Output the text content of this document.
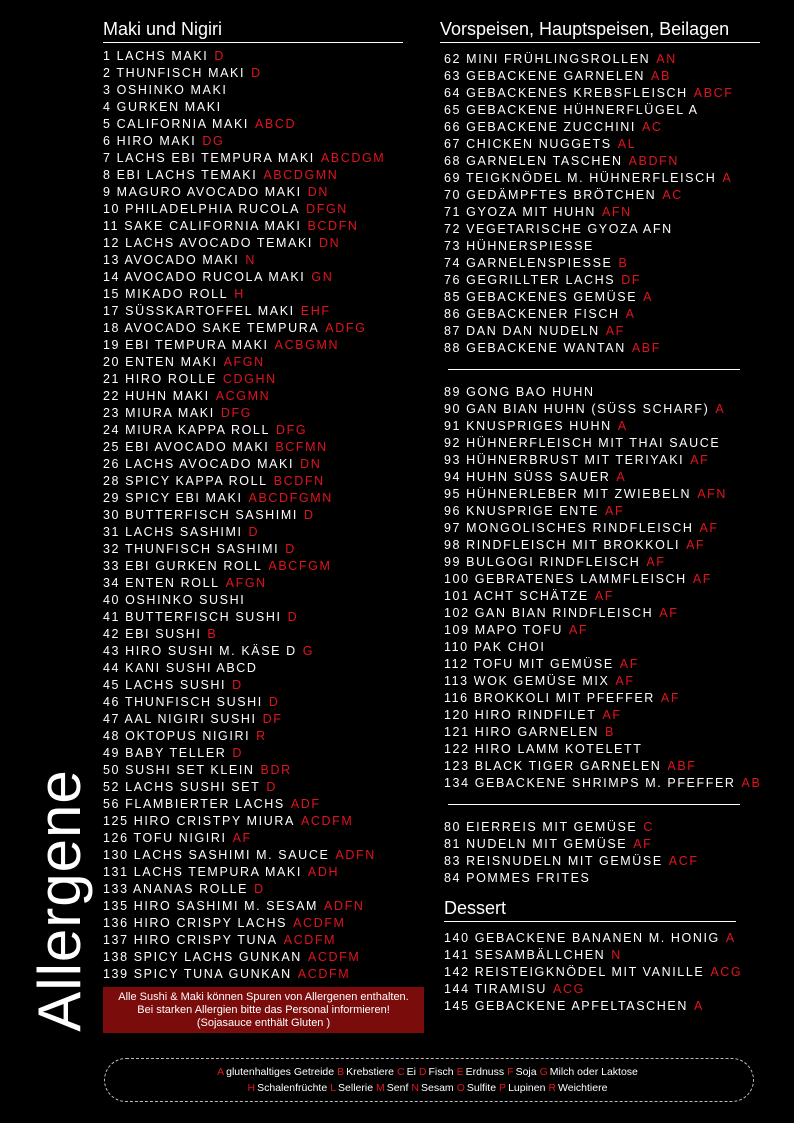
Allergene
Maki und Nigiri
1 LACHS MAKI D
2 THUNFISCH MAKI D
3 OSHINKO MAKI
4 GURKEN MAKI
5 CALIFORNIA MAKI ABCD
6 HIRO MAKI DG
7 LACHS EBI TEMPURA MAKI ABCDGM
8 EBI LACHS TEMAKI ABCDGMN
9 MAGURO AVOCADO MAKI DN
10 PHILADELPHIA RUCOLA DFGN
11 SAKE CALIFORNIA MAKI BCDFN
12 LACHS AVOCADO TEMAKI DN
13 AVOCADO MAKI N
14 AVOCADO RUCOLA MAKI GN
15 MIKADO ROLL H
17 SÜSSKARTOFFEL MAKI EHF
18 AVOCADO SAKE TEMPURA ADFG
19 EBI TEMPURA MAKI ACBGMN
20 ENTEN MAKI AFGN
21 HIRO ROLLE CDGHN
22 HUHN MAKI ACGMN
23 MIURA MAKI DFG
24 MIURA KAPPA ROLL DFG
25 EBI AVOCADO MAKI BCFMN
26 LACHS AVOCADO MAKI DN
28 SPICY KAPPA ROLL BCDFN
29 SPICY EBI MAKI ABCDFGMN
30 BUTTERFISCH SASHIMI D
31 LACHS SASHIMI D
32 THUNFISCH SASHIMI D
33 EBI GURKEN ROLL ABCFGM
34 ENTEN ROLL AFGN
40 OSHINKO SUSHI
41 BUTTERFISCH SUSHI D
42 EBI SUSHI B
43 HIRO SUSHI M. KÄSE D G
44 KANI SUSHI ABCD
45 LACHS SUSHI D
46 THUNFISCH SUSHI D
47 AAL NIGIRI SUSHI DF
48 OKTOPUS NIGIRI R
49 BABY TELLER D
50 SUSHI SET KLEIN BDR
52 LACHS SUSHI SET D
56 FLAMBIERTER LACHS ADF
125 HIRO CRISTPY MIURA ACDFM
126 TOFU NIGIRI AF
130 LACHS SASHIMI M. SAUCE ADFN
131 LACHS TEMPURA MAKI ADH
133 ANANAS ROLLE D
135 HIRO SASHIMI M. SESAM ADFN
136 HIRO CRISPY LACHS ACDFM
137 HIRO CRISPY TUNA ACDFM
138 SPICY LACHS GUNKAN ACDFM
139 SPICY TUNA GUNKAN ACDFM
Alle Sushi & Maki können Spuren von Allergenen enthalten. Bei starken Allergien bitte das Personal informieren! (Sojasauce enthält Gluten )
Vorspeisen, Hauptspeisen, Beilagen
62 MINI FRÜHLINGSROLLEN AN
63 GEBACKENE GARNELEN AB
64 GEBACKENES KREBSFLEISCH ABCF
65 GEBACKENE HÜHNERFLÜGEL A
66 GEBACKENE ZUCCHINI AC
67 CHICKEN NUGGETS AL
68 GARNELEN TASCHEN ABDFN
69 TEIGKNÖDEL M. HÜHNERFLEISCH A
70 GEDÄMPFTES BRÖTCHEN AC
71 GYOZA MIT HUHN AFN
72 VEGETARISCHE GYOZA AFN
73 HÜHNERSPIESSE
74 GARNELENSPIESSE B
76 GEGRILLTER LACHS DF
85 GEBACKENES GEMÜSE A
86 GEBACKENER FISCH A
87 DAN DAN NUDELN AF
88 GEBACKENE WANTAN ABF
89 GONG BAO HUHN
90 GAN BIAN HUHN (SÜSS SCHARF) A
91 KNUSPRIGES HUHN A
92 HÜHNERFLEISCH MIT THAI SAUCE
93 HÜHNERBRUST MIT TERIYAKI AF
94 HUHN SÜSS SAUER A
95 HÜHNERLEBER MIT ZWIEBELN AFN
96 KNUSPRIGE ENTE AF
97 MONGOLISCHES RINDFLEISCH AF
98 RINDFLEISCH MIT BROKKOLI AF
99 BULGOGI RINDFLEISCH AF
100 GEBRATENES LAMMFLEISCH AF
101 ACHT SCHÄTZE AF
102 GAN BIAN RINDFLEISCH AF
109 MAPO TOFU AF
110 PAK CHOI
112 TOFU MIT GEMÜSE AF
113 WOK GEMÜSE MIX AF
116 BROKKOLI MIT PFEFFER AF
120 HIRO RINDFILET AF
121 HIRO GARNELEN B
122 HIRO LAMM KOTELETT
123 BLACK TIGER GARNELEN ABF
134 GEBACKENE SHRIMPS M. PFEFFER AB
80 EIERREIS MIT GEMÜSE C
81 NUDELN MIT GEMÜSE AF
83 REISNUDELN MIT GEMÜSE ACF
84 POMMES FRITES
Dessert
140 GEBACKENE BANANEN M. HONIG A
141 SESAMBÄLLCHEN N
142 REISTEIGKNÖDEL MIT VANILLE ACG
144 TIRAMISU ACG
145 GEBACKENE APFELTASCHEN A
A glutenhaltiges Getreide B Krebstiere C Ei D Fisch E Erdnuss F Soja G Milch oder Laktose
H Schalenfrüchte L Sellerie M Senf N Sesam O Sulfite P Lupinen R Weichtiere
